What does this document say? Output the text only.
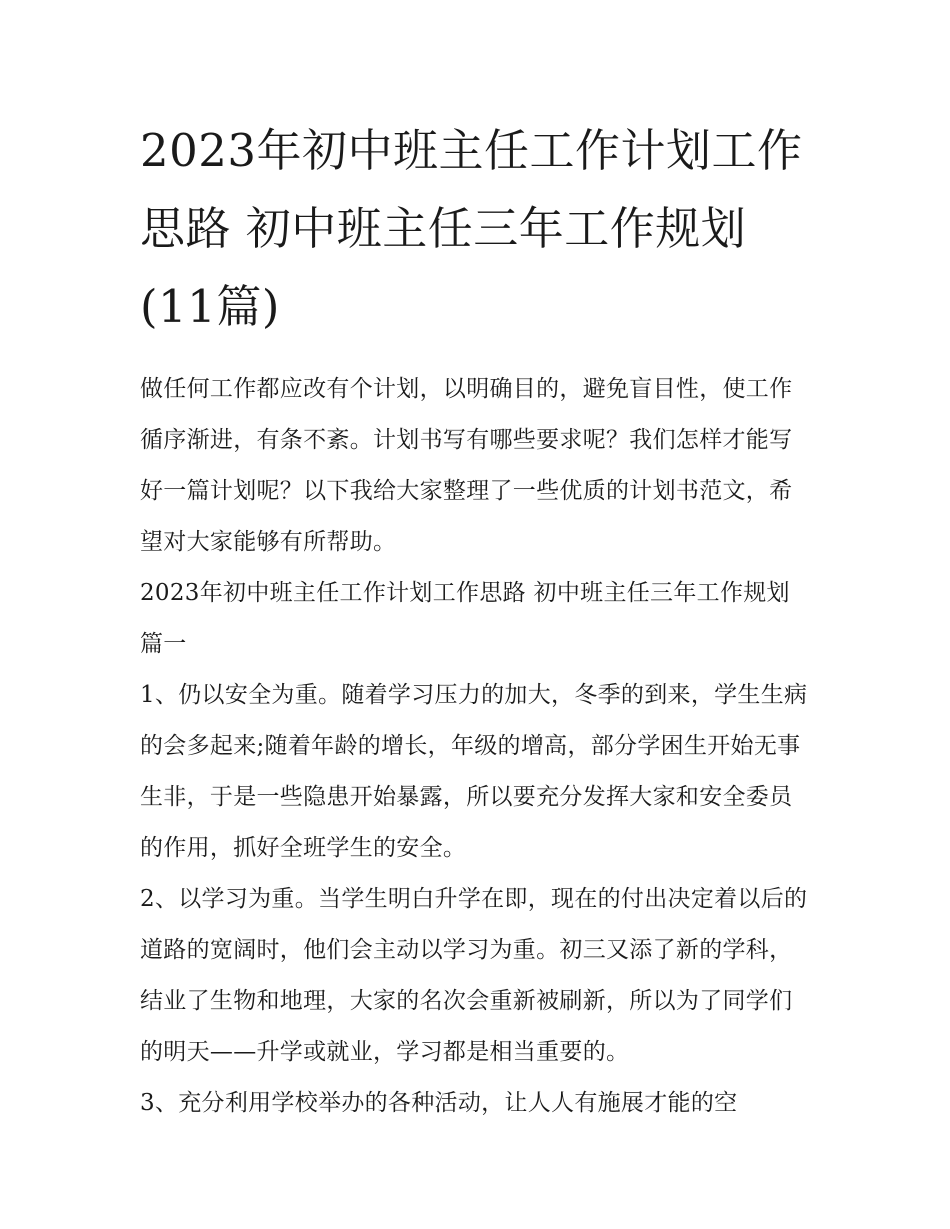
2023年初中班主任工作计划工作思路 初中班主任三年工作规划(11篇)

做任何工作都应改有个计划，以明确目的，避免盲目性，使工作循序渐进，有条不紊。计划书写有哪些要求呢？我们怎样才能写好一篇计划呢？以下我给大家整理了一些优质的计划书范文，希望对大家能够有所帮助。

2023年初中班主任工作计划工作思路 初中班主任三年工作规划篇一

1、仍以安全为重。随着学习压力的加大，冬季的到来，学生生病的会多起来;随着年龄的增长，年级的增高，部分学困生开始无事生非，于是一些隐患开始暴露，所以要充分发挥大家和安全委员的作用，抓好全班学生的安全。

2、以学习为重。当学生明白升学在即，现在的付出决定着以后的道路的宽阔时，他们会主动以学习为重。初三又添了新的学科，结业了生物和地理，大家的名次会重新被刷新，所以为了同学们的明天——升学或就业，学习都是相当重要的。

3、充分利用学校举办的各种活动，让人人有施展才能的空
